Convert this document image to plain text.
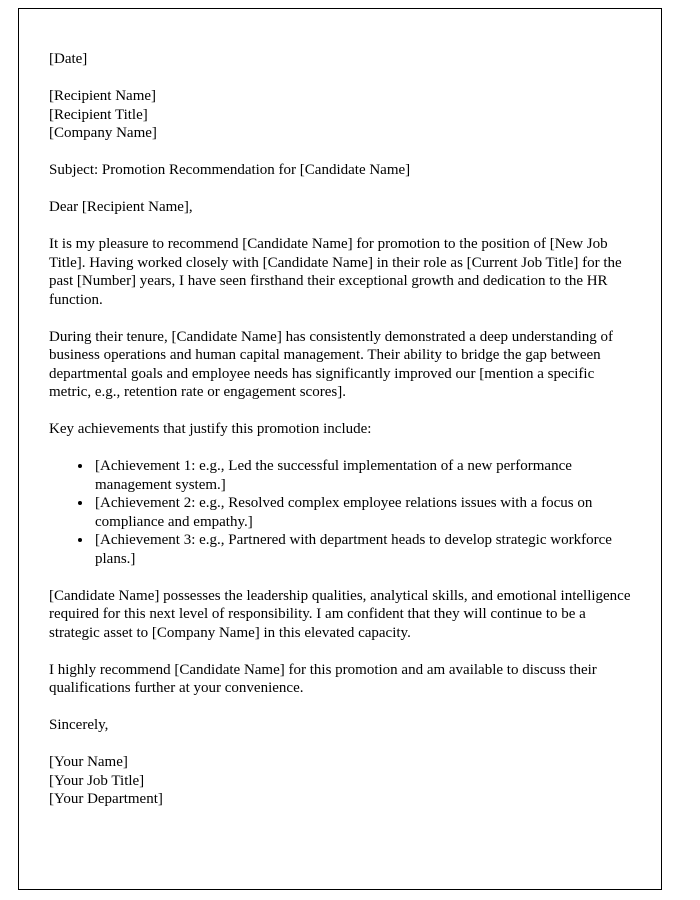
[Date]

[Recipient Name]

[Recipient Title]

[Company Name]

Subject: Promotion Recommendation for [Candidate Name]

Dear [Recipient Name],

It is my pleasure to recommend [Candidate Name] for promotion to the position of [New Job Title]. Having worked closely with [Candidate Name] in their role as [Current Job Title] for the past [Number] years, I have seen firsthand their exceptional growth and dedication to the HR function.

During their tenure, [Candidate Name] has consistently demonstrated a deep understanding of business operations and human capital management. Their ability to bridge the gap between departmental goals and employee needs has significantly improved our [mention a specific metric, e.g., retention rate or engagement scores].

Key achievements that justify this promotion include:

• [Achievement 1: e.g., Led the successful implementation of a new performance management system.]
• [Achievement 2: e.g., Resolved complex employee relations issues with a focus on compliance and empathy.]
• [Achievement 3: e.g., Partnered with department heads to develop strategic workforce plans.]

[Candidate Name] possesses the leadership qualities, analytical skills, and emotional intelligence required for this next level of responsibility. I am confident that they will continue to be a strategic asset to [Company Name] in this elevated capacity.

I highly recommend [Candidate Name] for this promotion and am available to discuss their qualifications further at your convenience.

Sincerely,

[Your Name]

[Your Job Title]

[Your Department]
